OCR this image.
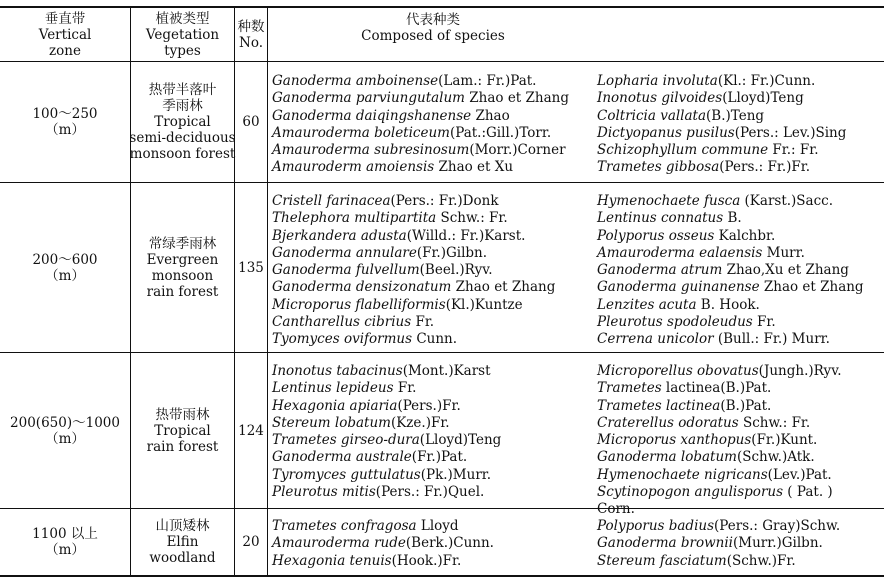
垂直带
Vertical
zone
植被类型
Vegetation
types
种数
No.
代表种类
Composed of species
100～250
（m）
热带半落叶
季雨林
Tropical
semi-deciduous
monsoon forest
60
Ganoderma amboinense(Lam.: Fr.)Pat.
Ganoderma parviungutalum Zhao et Zhang
Ganoderma daiqingshanense Zhao
Amauroderma boleticeum(Pat.:Gill.)Torr.
Amauroderma subresinosum(Morr.)Corner
Amauroderm amoiensis Zhao et Xu
Lopharia involuta(Kl.: Fr.)Cunn.
Inonotus gilvoides(Lloyd)Teng
Coltricia vallata(B.)Teng
Dictyopanus pusilus(Pers.: Lev.)Sing
Schizophyllum commune Fr.: Fr.
Trametes gibbosa(Pers.: Fr.)Fr.
200～600
（m）
常绿季雨林
Evergreen
monsoon
rain forest
135
Cristell farinacea(Pers.: Fr.)Donk
Thelephora multipartita Schw.: Fr.
Bjerkandera adusta(Willd.: Fr.)Karst.
Ganoderma annulare(Fr.)Gilbn.
Ganoderma fulvellum(Beel.)Ryv.
Ganoderma densizonatum Zhao et Zhang
Microporus flabelliformis(Kl.)Kuntze
Cantharellus cibrius Fr.
Tyomyces oviformus Cunn.
Hymenochaete fusca (Karst.)Sacc.
Lentinus connatus B.
Polyporus osseus Kalchbr.
Amauroderma ealaensis Murr.
Ganoderma atrum Zhao,Xu et Zhang
Ganoderma guinanense Zhao et Zhang
Lenzites acuta B. Hook.
Pleurotus spodoleudus Fr.
Cerrena unicolor (Bull.: Fr.) Murr.
200(650)～1000
（m）
热带雨林
Tropical
rain forest
124
Inonotus tabacinus(Mont.)Karst
Lentinus lepideus Fr.
Hexagonia apiaria(Pers.)Fr.
Stereum lobatum(Kze.)Fr.
Trametes girseo-dura(Lloyd)Teng
Ganoderma australe(Fr.)Pat.
Tyromyces guttulatus(Pk.)Murr.
Pleurotus mitis(Pers.: Fr.)Quel.
Microporellus obovatus(Jungh.)Ryv.
Trametes lactinea(B.)Pat.
Trametes lactinea(B.)Pat.
Craterellus odoratus Schw.: Fr.
Microporus xanthopus(Fr.)Kunt.
Ganoderma lobatum(Schw.)Atk.
Hymenochaete nigricans(Lev.)Pat.
Scytinopogon angulisporus ( Pat. )
Corn.
1100 以上
（m）
山顶矮林
Elfin
woodland
20
Trametes confragosa Lloyd
Amauroderma rude(Berk.)Cunn.
Hexagonia tenuis(Hook.)Fr.
Polyporus badius(Pers.: Gray)Schw.
Ganoderma brownii(Murr.)Gilbn.
Stereum fasciatum(Schw.)Fr.
